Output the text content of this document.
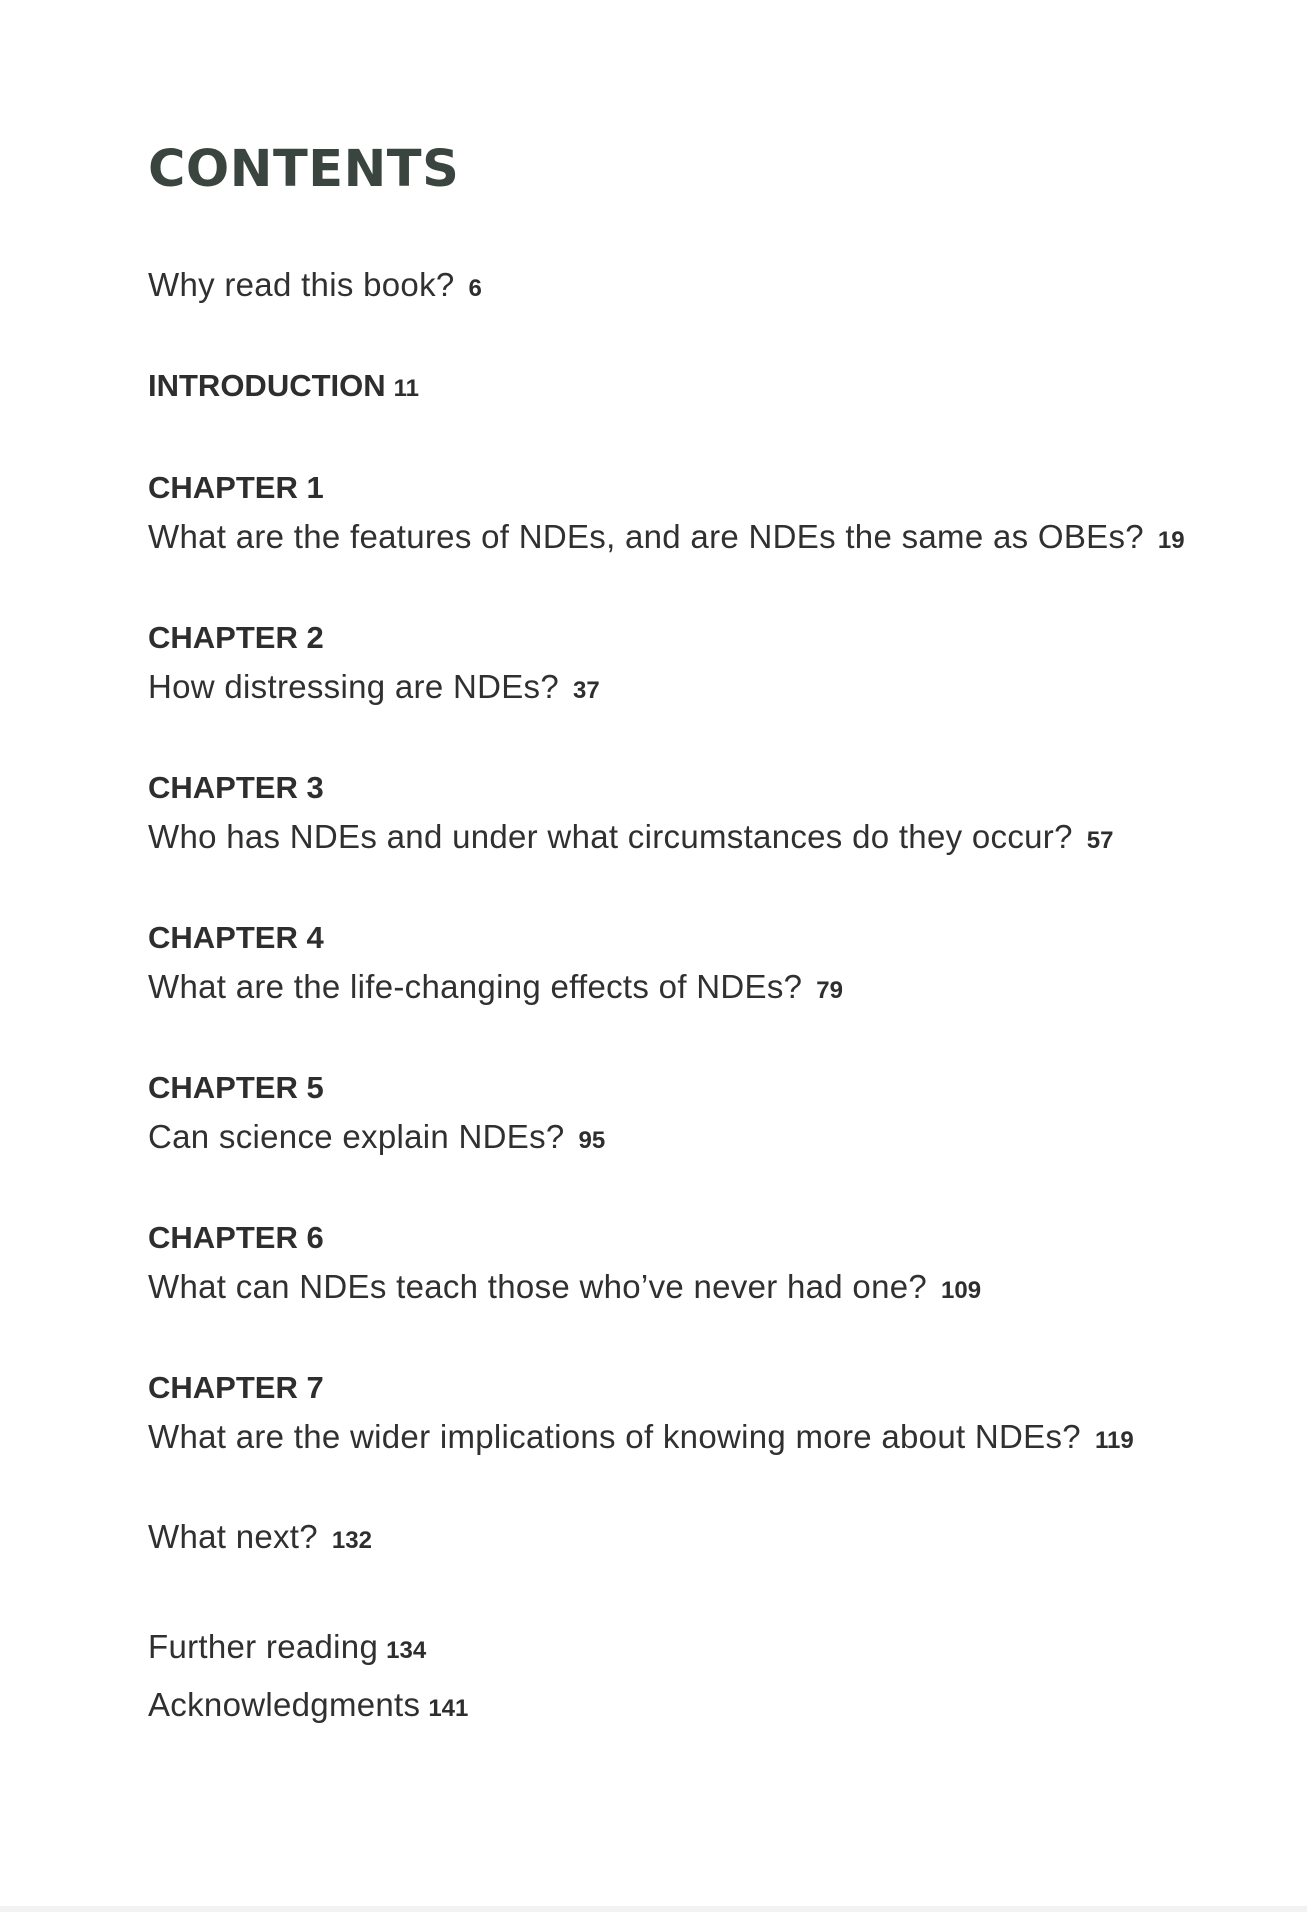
CONTENTS
Why read this book? 6
INTRODUCTION 11
CHAPTER 1
What are the features of NDEs, and are NDEs the same as OBEs? 19
CHAPTER 2
How distressing are NDEs? 37
CHAPTER 3
Who has NDEs and under what circumstances do they occur? 57
CHAPTER 4
What are the life-changing effects of NDEs? 79
CHAPTER 5
Can science explain NDEs? 95
CHAPTER 6
What can NDEs teach those who’ve never had one? 109
CHAPTER 7
What are the wider implications of knowing more about NDEs? 119
What next? 132
Further reading 134
Acknowledgments 141
